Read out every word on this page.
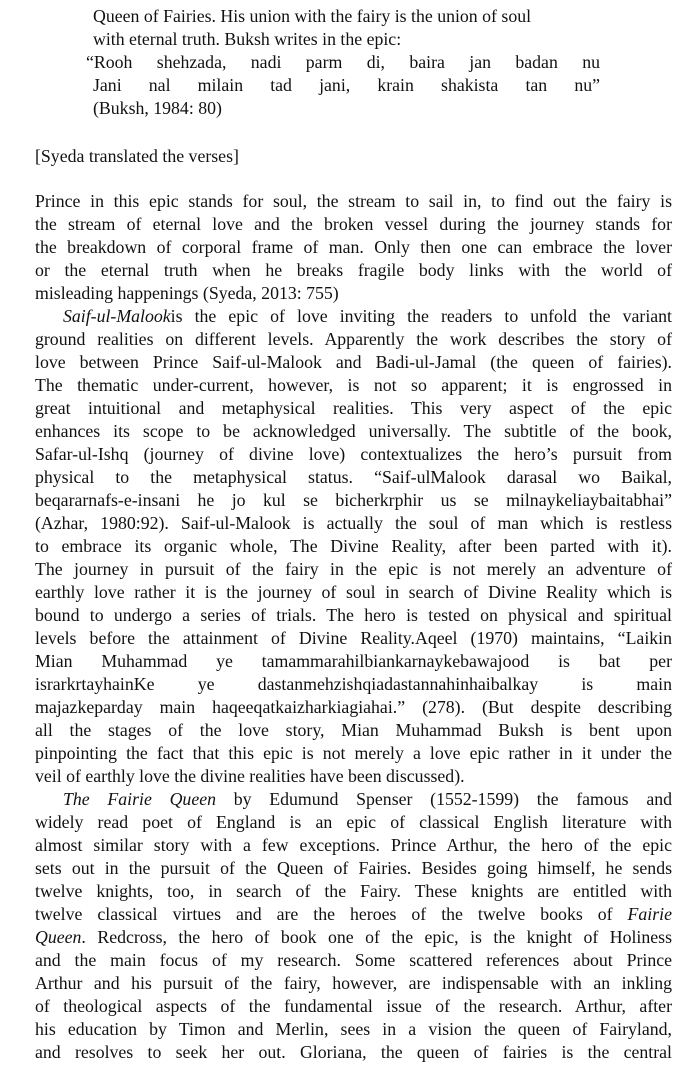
Queen of Fairies. His union with the fairy is the union of soul
with eternal truth. Buksh writes in the epic:
“Rooh shehzada, nadi parm di, baira jan badan nu
Jani nal milain tad jani, krain shakista tan nu”
(Buksh, 1984: 80)
[Syeda translated the verses]
Prince in this epic stands for soul, the stream to sail in, to find out the fairy is
the stream of eternal love and the broken vessel during the journey stands for
the breakdown of corporal frame of man. Only then one can embrace the lover
or the eternal truth when he breaks fragile body links with the world of
misleading happenings (Syeda, 2013: 755)
Saif-ul-Malookis the epic of love inviting the readers to unfold the variant
ground realities on different levels. Apparently the work describes the story of
love between Prince Saif-ul-Malook and Badi-ul-Jamal (the queen of fairies).
The thematic under-current, however, is not so apparent; it is engrossed in
great intuitional and metaphysical realities. This very aspect of the epic
enhances its scope to be acknowledged universally. The subtitle of the book,
Safar-ul-Ishq (journey of divine love) contextualizes the hero’s pursuit from
physical to the metaphysical status. “Saif-ulMalook darasal wo Baikal,
beqararnafs-e-insani he jo kul se bicherkrphir us se milnaykeliaybaitabhai”
(Azhar, 1980:92). Saif-ul-Malook is actually the soul of man which is restless
to embrace its organic whole, The Divine Reality, after been parted with it).
The journey in pursuit of the fairy in the epic is not merely an adventure of
earthly love rather it is the journey of soul in search of Divine Reality which is
bound to undergo a series of trials. The hero is tested on physical and spiritual
levels before the attainment of Divine Reality.Aqeel (1970) maintains, “Laikin
Mian Muhammad ye tamammarahilbiankarnaykebawajood is bat per
israrkrtayhainKe ye dastanmehzishqiadastannahinhaibalkay is main
majazkeparday main haqeeqatkaizharkiagiahai.” (278). (But despite describing
all the stages of the love story, Mian Muhammad Buksh is bent upon
pinpointing the fact that this epic is not merely a love epic rather in it under the
veil of earthly love the divine realities have been discussed).
The Fairie Queen by Edumund Spenser (1552-1599) the famous and
widely read poet of England is an epic of classical English literature with
almost similar story with a few exceptions. Prince Arthur, the hero of the epic
sets out in the pursuit of the Queen of Fairies. Besides going himself, he sends
twelve knights, too, in search of the Fairy. These knights are entitled with
twelve classical virtues and are the heroes of the twelve books of Fairie
Queen. Redcross, the hero of book one of the epic, is the knight of Holiness
and the main focus of my research. Some scattered references about Prince
Arthur and his pursuit of the fairy, however, are indispensable with an inkling
of theological aspects of the fundamental issue of the research. Arthur, after
his education by Timon and Merlin, sees in a vision the queen of Fairyland,
and resolves to seek her out. Gloriana, the queen of fairies is the central
